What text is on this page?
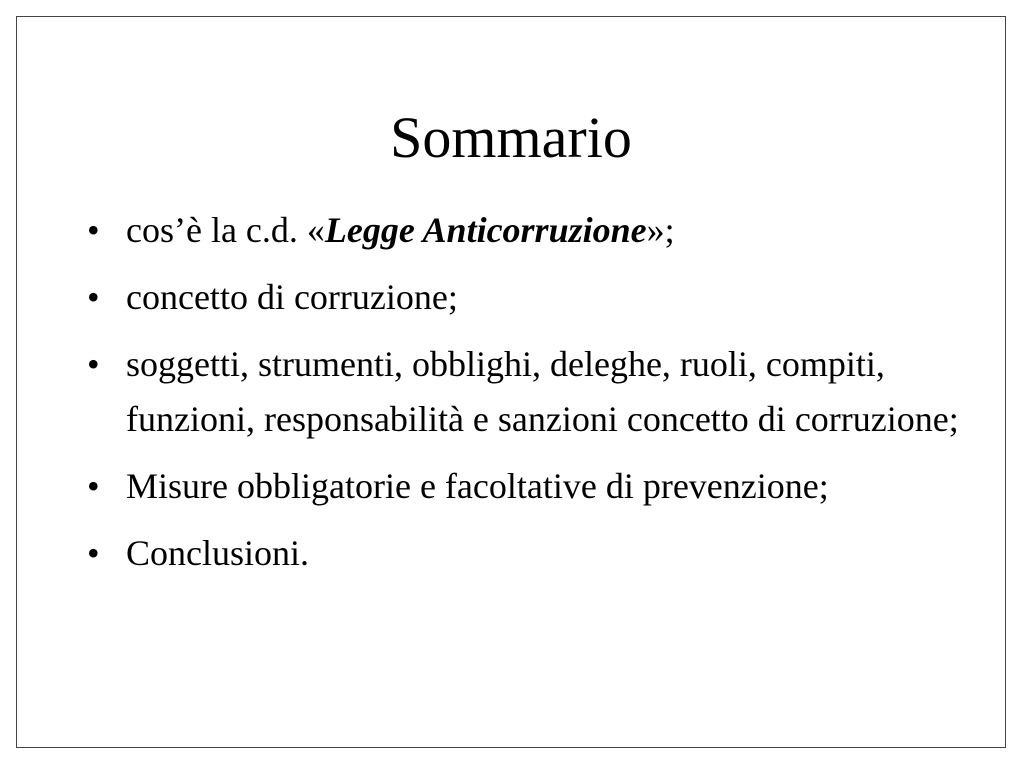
Sommario
• cos’è la c.d. «Legge Anticorruzione»;
• concetto di corruzione;
• soggetti, strumenti, obblighi, deleghe, ruoli, compiti, funzioni, responsabilità e sanzioni concetto di corruzione;
• Misure obbligatorie e facoltative di prevenzione;
• Conclusioni.
